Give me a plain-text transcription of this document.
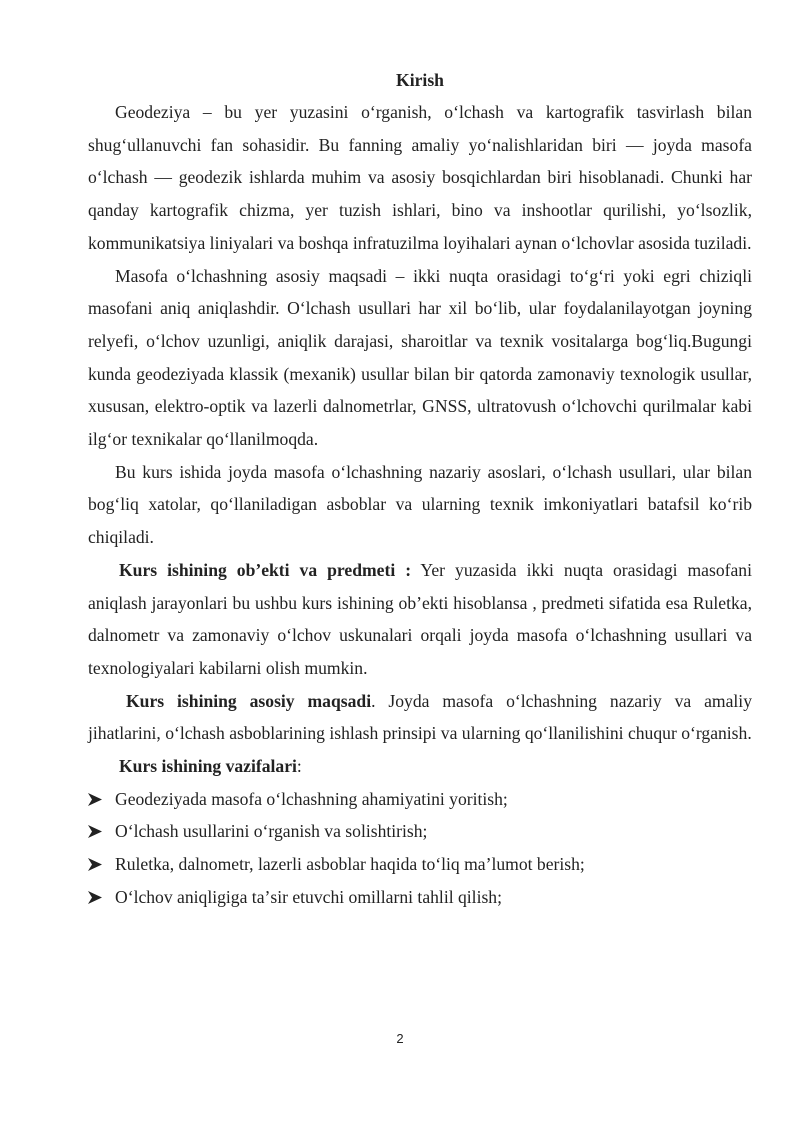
Kirish

Geodeziya – bu yer yuzasini oʻrganish, oʻlchash va kartografik tasvirlash bilan shugʻullanuvchi fan sohasidir. Bu fanning amaliy yoʻnalishlaridan biri — joyda masofa oʻlchash — geodezik ishlarda muhim va asosiy bosqichlardan biri hisoblanadi. Chunki har qanday kartografik chizma, yer tuzish ishlari, bino va inshootlar qurilishi, yoʻlsozlik, kommunikatsiya liniyalari va boshqa infratuzilma loyihalari aynan oʻlchovlar asosida tuziladi.

Masofa oʻlchashning asosiy maqsadi – ikki nuqta orasidagi toʻgʻri yoki egri chiziqli masofani aniq aniqlashdir. Oʻlchash usullari har xil boʻlib, ular foydalanilayotgan joyning relyefi, oʻlchov uzunligi, aniqlik darajasi, sharoitlar va texnik vositalarga bogʻliq.Bugungi kunda geodeziyada klassik (mexanik) usullar bilan bir qatorda zamonaviy texnologik usullar, xususan, elektro-optik va lazerli dalnometrlar, GNSS, ultratovush oʻlchovchi qurilmalar kabi ilgʻor texnikalar qoʻllanilmoqda.

Bu kurs ishida joyda masofa oʻlchashning nazariy asoslari, oʻlchash usullari, ular bilan bogʻliq xatolar, qoʻllaniladigan asboblar va ularning texnik imkoniyatlari batafsil koʻrib chiqiladi.

Kurs ishining ob’ekti va predmeti : Yer yuzasida ikki nuqta orasidagi masofani aniqlash jarayonlari bu ushbu kurs ishining ob’ekti hisoblansa , predmeti sifatida esa Ruletka, dalnometr va zamonaviy oʻlchov uskunalari orqali joyda masofa oʻlchashning usullari va texnologiyalari kabilarni olish mumkin.

Kurs ishining asosiy maqsadi. Joyda masofa oʻlchashning nazariy va amaliy jihatlarini, oʻlchash asboblarining ishlash prinsipi va ularning qoʻllanilishini chuqur oʻrganish.

Kurs ishining vazifalari:

Geodeziyada masofa oʻlchashning ahamiyatini yoritish;
Oʻlchash usullarini oʻrganish va solishtirish;
Ruletka, dalnometr, lazerli asboblar haqida toʻliq maʼlumot berish;
Oʻlchov aniqligiga taʼsir etuvchi omillarni tahlil qilish;
2
